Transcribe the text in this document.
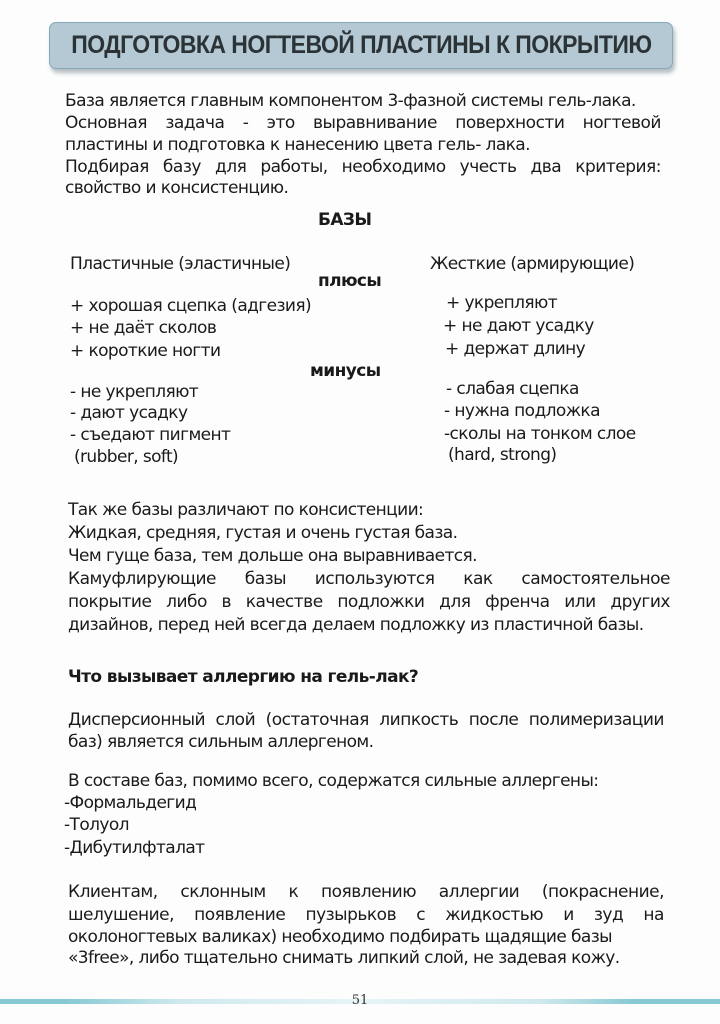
ПОДГОТОВКА НОГТЕВОЙ ПЛАСТИНЫ К ПОКРЫТИЮ
База является главным компонентом 3-фазной системы гель-лака.
Основная задача - это выравнивание поверхности ногтевой
пластины и подготовка к нанесению цвета гель- лака.
Подбирая базу для работы, необходимо учесть два критерия:
свойство и консистенцию.
БАЗЫ
Пластичные (эластичные)	Жесткие (армирующие)
плюсы
+ хорошая сцепка (адгезия)
+ не даёт сколов
+ короткие ногти
+ укрепляют
+ не дают усадку
+ держат длину
минусы
- не укрепляют
- дают усадку
- съедают пигмент
(rubber, soft)
- слабая сцепка
- нужна подложка
-сколы на тонком слое
(hard, strong)
Так же базы различают по консистенции:
Жидкая, средняя, густая и очень густая база.
Чем гуще база, тем дольше она выравнивается.
Камуфлирующие базы используются как самостоятельное
покрытие либо в качестве подложки для френча или других
дизайнов, перед ней всегда делаем подложку из пластичной базы.
Что вызывает аллергию на гель-лак?
Дисперсионный слой (остаточная липкость после полимеризации
баз) является сильным аллергеном.
В составе баз, помимо всего, содержатся сильные аллергены:
-Формальдегид
-Толуол
-Дибутилфталат
Клиентам, склонным к появлению аллергии (покраснение,
шелушение, появление пузырьков с жидкостью и зуд на
околоногтевых валиках) необходимо подбирать щадящие базы
«3free», либо тщательно снимать липкий слой, не задевая кожу.
51
